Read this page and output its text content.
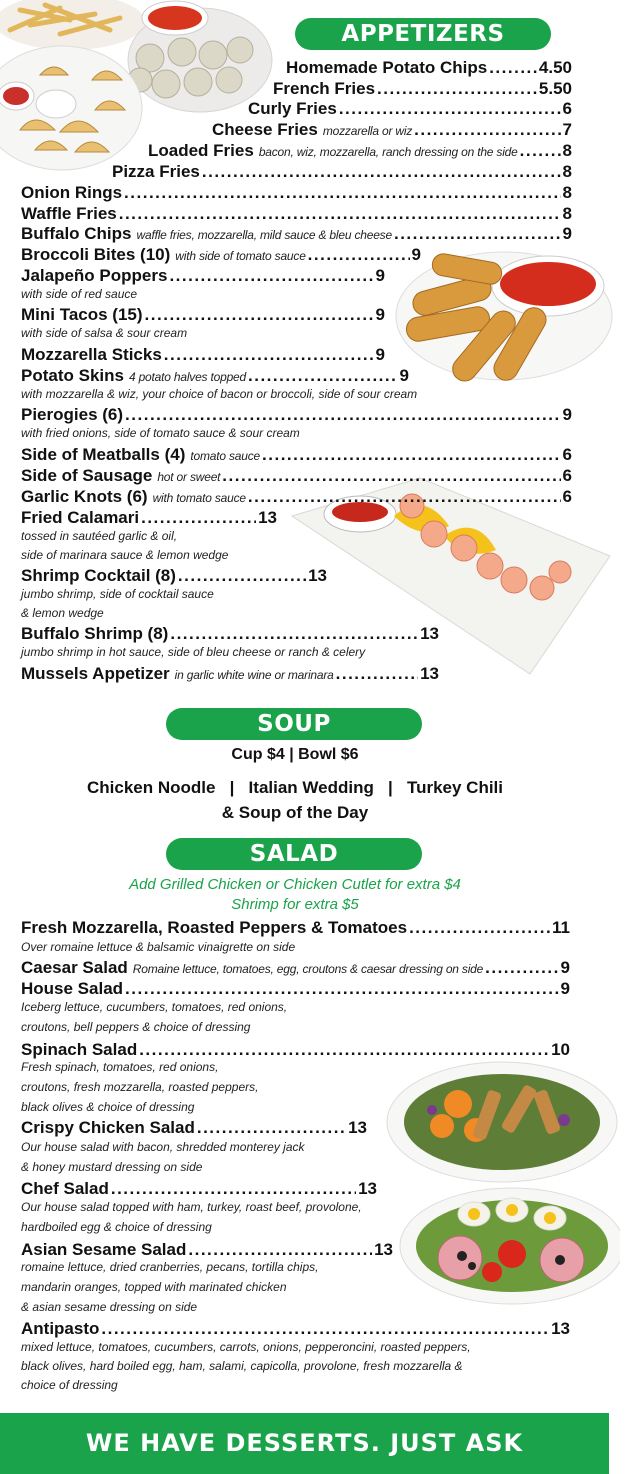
APPETIZERS
Homemade Potato Chips .....	4.50
French Fries .....	5.50
Curly Fries .....	6
Cheese Fries mozzarella or wiz .....	7
Loaded Fries bacon, wiz, mozzarella, ranch dressing on the side .....	8
Pizza Fries .....	8
Onion Rings .....	8
Waffle Fries .....	8
Buffalo Chips waffle fries, mozzarella, mild sauce & bleu cheese .....	9
Broccoli Bites (10) with side of tomato sauce .....	9
Jalapeño Poppers .....	9
with side of red sauce
Mini Tacos (15) .....	9
with side of salsa & sour cream
Mozzarella Sticks .....	9
Potato Skins 4 potato halves topped .....	9
with mozzarella & wiz, your choice of bacon or broccoli, side of sour cream
Pierogies (6) .....	9
with fried onions, side of tomato sauce & sour cream
Side of Meatballs (4) tomato sauce .....	6
Side of Sausage hot or sweet .....	6
Garlic Knots (6) with tomato sauce .....	6
Fried Calamari .....	13
tossed in sautéed garlic & oil,
side of marinara sauce & lemon wedge
Shrimp Cocktail (8) .....	13
jumbo shrimp, side of cocktail sauce
& lemon wedge
Buffalo Shrimp (8) .....	13
jumbo shrimp in hot sauce, side of bleu cheese or ranch & celery
Mussels Appetizer in garlic white wine or marinara .....	13
SOUP
Cup $4 | Bowl $6
Chicken Noodle   |   Italian Wedding   |   Turkey Chili
& Soup of the Day
SALAD
Add Grilled Chicken or Chicken Cutlet for extra $4
Shrimp for extra $5
Fresh Mozzarella, Roasted Peppers & Tomatoes .....	11
Over romaine lettuce & balsamic vinaigrette on side
Caesar Salad Romaine lettuce, tomatoes, egg, croutons & caesar dressing on side .....	9
House Salad .....	9
Iceberg lettuce, cucumbers, tomatoes, red onions,
croutons, bell peppers & choice of dressing
Spinach Salad .....	10
Fresh spinach, tomatoes, red onions,
croutons, fresh mozzarella, roasted peppers,
black olives & choice of dressing
Crispy Chicken Salad .....	13
Our house salad with bacon, shredded monterey jack
& honey mustard dressing on side
Chef Salad .....	13
Our house salad topped with ham, turkey, roast beef, provolone,
hardboiled egg & choice of dressing
Asian Sesame Salad .....	13
romaine lettuce, dried cranberries, pecans, tortilla chips,
mandarin oranges, topped with marinated chicken
& asian sesame dressing on side
Antipasto .....	13
mixed lettuce, tomatoes, cucumbers, carrots, onions, pepperoncini, roasted peppers,
black olives, hard boiled egg, ham, salami, capicolla, provolone, fresh mozzarella &
choice of dressing
WE HAVE DESSERTS. JUST ASK
